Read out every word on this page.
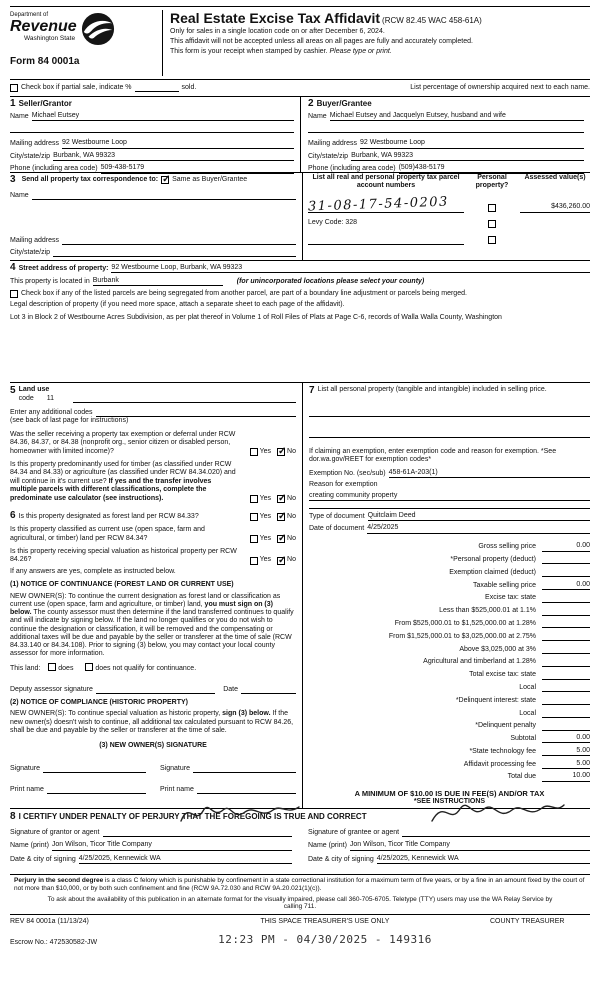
Department of
Revenue
Washington State
Form 84 0001a
Real Estate Excise Tax Affidavit (RCW 82.45 WAC 458-61A)
Only for sales in a single location code on or after December 6, 2024.
This affidavit will not be accepted unless all areas on all pages are fully and accurately completed.
This form is your receipt when stamped by cashier. Please type or print.
Check box if partial sale, indicate %	sold.	List percentage of ownership acquired next to each name.
1 Seller/Grantor
Name Michael Eutsey
Mailing address 92 Westbourne Loop
City/state/zip Burbank, WA 99323
Phone (including area code) 509-438-5179
2 Buyer/Grantee
Name Michael Eutsey and Jacquelyn Eutsey, husband and wife
Mailing address 92 Westbourne Loop
City/state/zip Burbank, WA 99323
Phone (including area code) (509)438-5179
3 Send all property tax correspondence to: ✓ Same as Buyer/Grantee
Name
Mailing address
City/state/zip
List all real and personal property tax parcel account numbers
Personal property?
Assessed value(s)
31-08-17-54-0203	$436,260.00
Levy Code: 328
4 Street address of property: 92 Westbourne Loop, Burbank, WA 99323
This property is located in Burbank	(for unincorporated locations please select your county)
Check box if any of the listed parcels are being segregated from another parcel, are part of a boundary line adjustment or parcels being merged.
Legal description of property (if you need more space, attach a separate sheet to each page of the affidavit).
Lot 3 in Block 2 of Westbourne Acres Subdivision, as per plat thereof in Volume 1 of Roll Files of Plats at Page C-6, records of Walla Walla County, Washington
5 Land use
code 11
Enter any additional codes
(see back of last page for instructions)
Was the seller receiving a property tax exemption or deferral under RCW 84.36, 84.37, or 84.38 (nonprofit org., senior citizen or disabled person, homeowner with limited income)?	Yes ✓ No
Is this property predominantly used for timber (as classified under RCW 84.34 and 84.33) or agriculture (as classified under RCW 84.34.020) and will continue in it's current use? If yes and the transfer involves multiple parcels with different classifications, complete the predominate use calculator (see instructions).	Yes ✓ No
6 Is this property designated as forest land per RCW 84.33?	Yes ✓ No
Is this property classified as current use (open space, farm and agricultural, or timber) land per RCW 84.34?	Yes ✓ No
Is this property receiving special valuation as historical property per RCW 84.26?	Yes ✓ No
If any answers are yes, complete as instructed below.
(1) NOTICE OF CONTINUANCE (FOREST LAND OR CURRENT USE)
NEW OWNER(S): To continue the current designation as forest land or classification as current use (open space, farm and agriculture, or timber) land, you must sign on (3) below. The county assessor must then determine if the land transferred continues to qualify and will indicate by signing below. If the land no longer qualifies or you do not wish to continue the designation or classification, it will be removed and the compensating or additional taxes will be due and payable by the seller or transferer at the time of sale (RCW 84.33.140 or 84.34.108). Prior to signing (3) below, you may contact your local county assessor for more information.
This land:	does	does not qualify for continuance.
Deputy assessor signature	Date
(2) NOTICE OF COMPLIANCE (HISTORIC PROPERTY)
NEW OWNER(S): To continue special valuation as historic property, sign (3) below. If the new owner(s) doesn't wish to continue, all additional tax calculated pursuant to RCW 84.26, shall be due and payable by the seller or transferer at the time of sale.
(3) NEW OWNER(S) SIGNATURE
Signature	Signature
Print name	Print name
7 List all personal property (tangible and intangible) included in selling price.
If claiming an exemption, enter exemption code and reason for exemption. *See dor.wa.gov/REET for exemption codes*
Exemption No. (sec/sub) 458-61A-203(1)
Reason for exemption
creating community property
Type of document Quitclaim Deed
Date of document 4/25/2025
Gross selling price	0.00
*Personal property (deduct)
Exemption claimed (deduct)
Taxable selling price	0.00
Excise tax: state
Less than $525,000.01 at 1.1%
From $525,000.01 to $1,525,000.00 at 1.28%
From $1,525,000.01 to $3,025,000.00 at 2.75%
Above $3,025,000 at 3%
Agricultural and timberland at 1.28%
Total excise tax: state
Local
*Delinquent interest: state
Local
*Delinquent penalty
Subtotal	0.00
*State technology fee	5.00
Affidavit processing fee	5.00
Total due	10.00
A MINIMUM OF $10.00 IS DUE IN FEE(S) AND/OR TAX
*SEE INSTRUCTIONS
8 I CERTIFY UNDER PENALTY OF PERJURY THAT THE FOREGOING IS TRUE AND CORRECT
Signature of grantor or agent	Signature of grantee or agent
Name (print) Jon Wilson, Ticor Title Company	Name (print) Jon Wilson, Ticor Title Company
Date & city of signing 4/25/2025, Kennewick WA	Date & city of signing 4/25/2025, Kennewick WA
Perjury in the second degree is a class C felony which is punishable by confinement in a state correctional institution for a maximum term of five years, or by a fine in an amount fixed by the court of not more than $10,000, or by both such confinement and fine (RCW 9A.72.030 and RCW 9A.20.021(1)(c)).
To ask about the availability of this publication in an alternate format for the visually impaired, please call 360-705-6705. Teletype (TTY) users may use the WA Relay Service by calling 711.
REV 84 0001a (11/13/24)
Escrow No.: 472530582-JW
THIS SPACE TREASURER'S USE ONLY
12:23 PM - 04/30/2025 - 149316
COUNTY TREASURER
